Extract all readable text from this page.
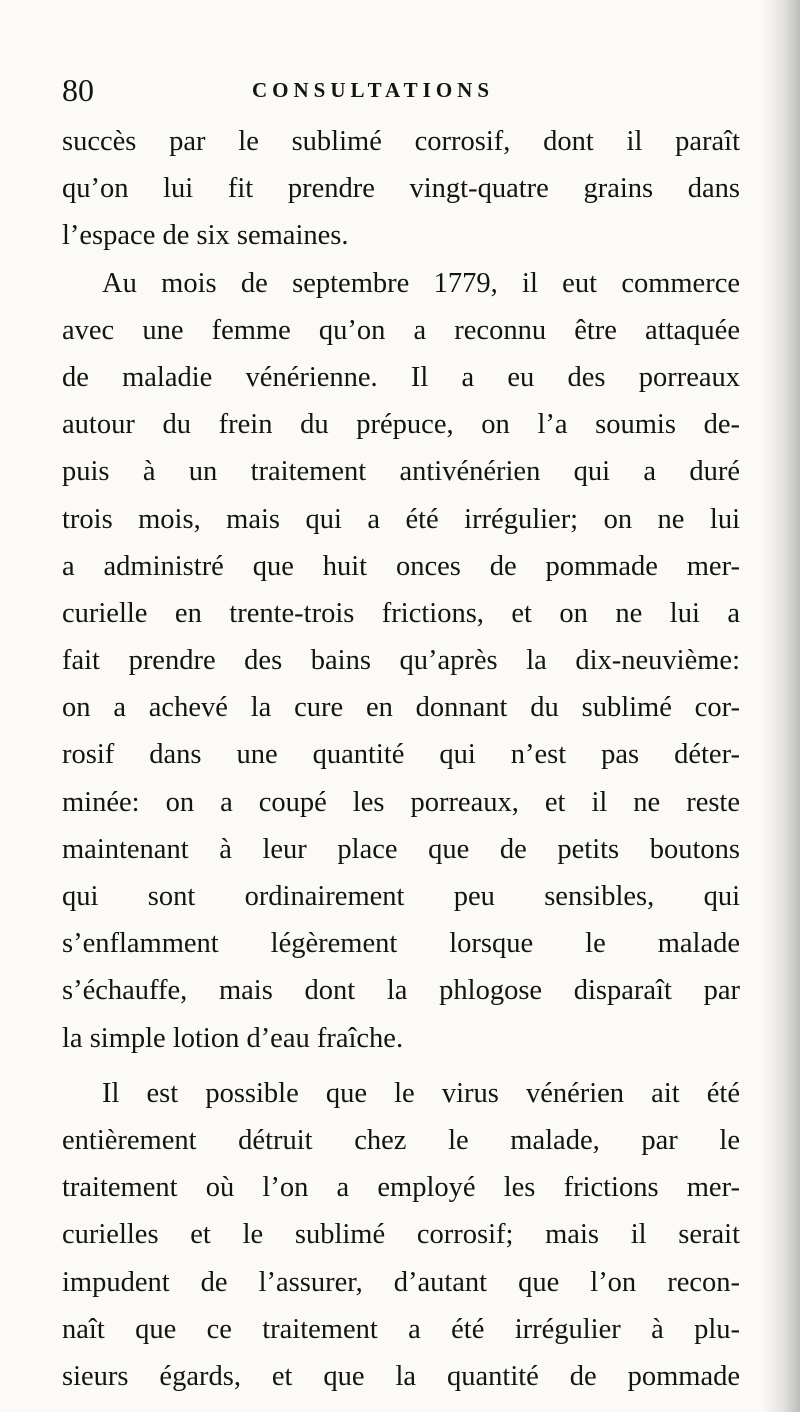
80	CONSULTATIONS
succès par le sublimé corrosif, dont il paraît
qu’on lui fit prendre vingt-quatre grains dans
l’espace de six semaines.
Au mois de septembre 1779, il eut commerce
avec une femme qu’on a reconnu être attaquée
de maladie vénérienne. Il a eu des porreaux
autour du frein du prépuce, on l’a soumis de-
puis à un traitement antivénérien qui a duré
trois mois, mais qui a été irrégulier; on ne lui
a administré que huit onces de pommade mer-
curielle en trente-trois frictions, et on ne lui a
fait prendre des bains qu’après la dix-neuvième:
on a achevé la cure en donnant du sublimé cor-
rosif dans une quantité qui n’est pas déter-
minée: on a coupé les porreaux, et il ne reste
maintenant à leur place que de petits boutons
qui sont ordinairement peu sensibles, qui
s’enflamment légèrement lorsque le malade
s’échauffe, mais dont la phlogose disparaît par
la simple lotion d’eau fraîche.
Il est possible que le virus vénérien ait été
entièrement détruit chez le malade, par le
traitement où l’on a employé les frictions mer-
curielles et le sublimé corrosif; mais il serait
impudent de l’assurer, d’autant que l’on recon-
naît que ce traitement a été irrégulier à plu-
sieurs égards, et que la quantité de pommade
